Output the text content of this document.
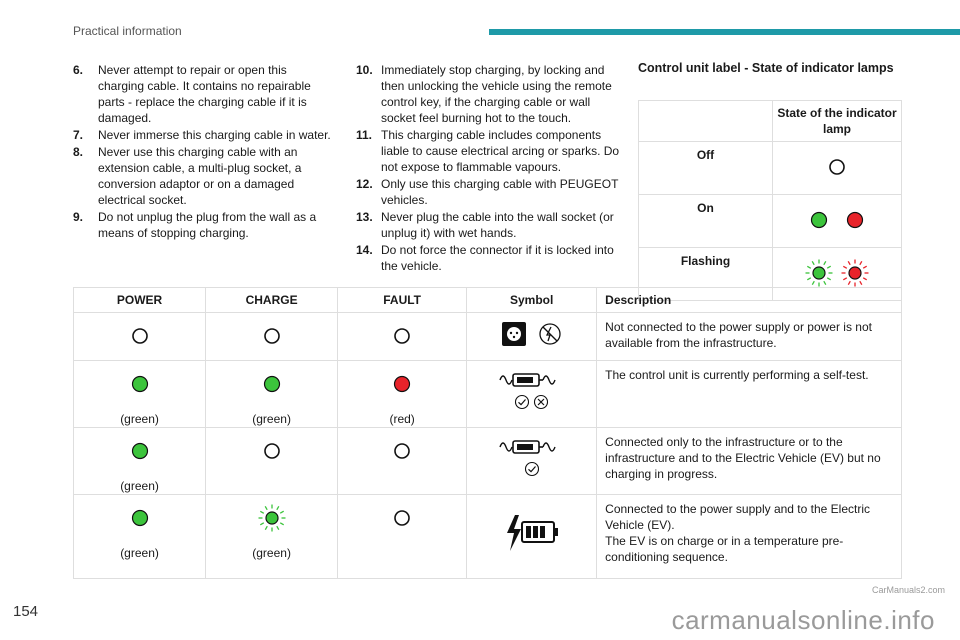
Practical information
6. Never attempt to repair or open this charging cable. It contains no repairable parts - replace the charging cable if it is damaged.
7. Never immerse this charging cable in water.
8. Never use this charging cable with an extension cable, a multi-plug socket, a conversion adaptor or on a damaged electrical socket.
9. Do not unplug the plug from the wall as a means of stopping charging.
10. Immediately stop charging, by locking and then unlocking the vehicle using the remote control key, if the charging cable or wall socket feel burning hot to the touch.
11. This charging cable includes components liable to cause electrical arcing or sparks. Do not expose to flammable vapours.
12. Only use this charging cable with PEUGEOT vehicles.
13. Never plug the cable into the wall socket (or unplug it) with wet hands.
14. Do not force the connector if it is locked into the vehicle.
Control unit label - State of indicator lamps
	State of the indicator lamp
Off	
On	
Flashing	
POWER	CHARGE	FAULT	Symbol	Description
				Not connected to the power supply or power is not available from the infrastructure.

(green)	(green)	(red)		The control unit is currently performing a self-test.

(green)				Connected only to the infrastructure or to the infrastructure and to the Electric Vehicle (EV) but no charging in progress.

(green)	(green)			Connected to the power supply and to the Electric Vehicle (EV).
The EV is on charge or in a temperature pre-conditioning sequence.
154
CarManuals2.com
carmanualsonline.info
